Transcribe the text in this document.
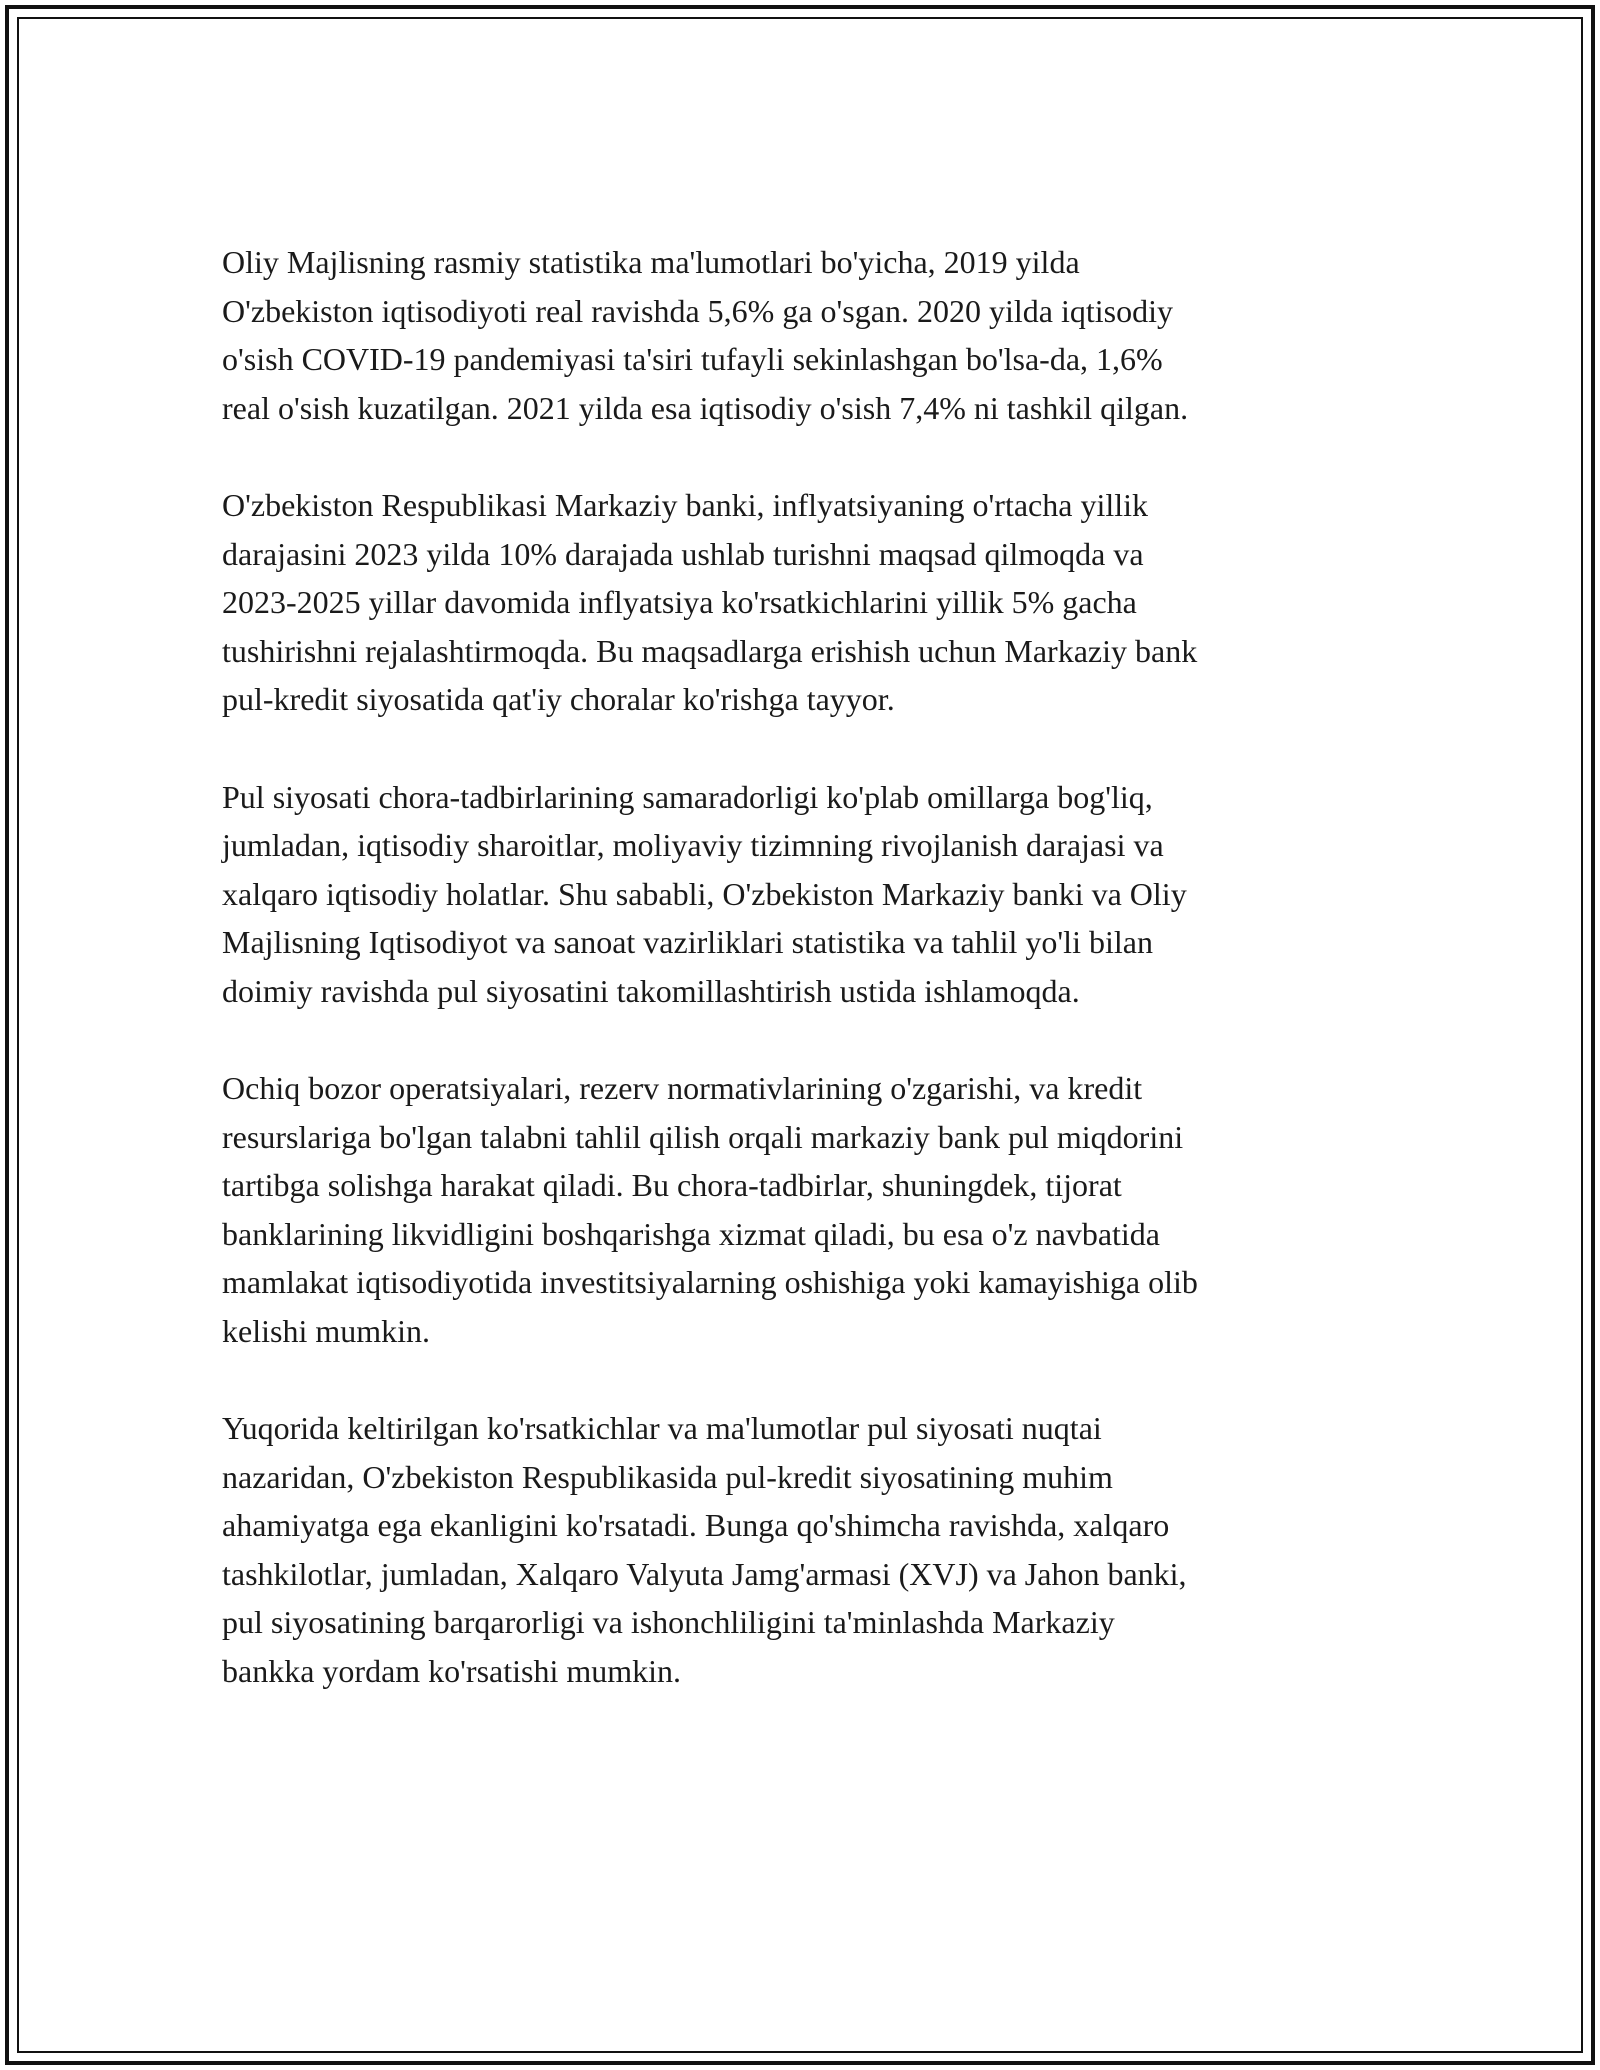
Oliy Majlisning rasmiy statistika ma'lumotlari bo'yicha, 2019 yilda
O'zbekiston iqtisodiyoti real ravishda 5,6% ga o'sgan. 2020 yilda iqtisodiy
o'sish COVID-19 pandemiyasi ta'siri tufayli sekinlashgan bo'lsa-da, 1,6%
real o'sish kuzatilgan. 2021 yilda esa iqtisodiy o'sish 7,4% ni tashkil qilgan.

O'zbekiston Respublikasi Markaziy banki, inflyatsiyaning o'rtacha yillik
darajasini 2023 yilda 10% darajada ushlab turishni maqsad qilmoqda va
2023-2025 yillar davomida inflyatsiya ko'rsatkichlarini yillik 5% gacha
tushirishni rejalashtirmoqda. Bu maqsadlarga erishish uchun Markaziy bank
pul-kredit siyosatida qat'iy choralar ko'rishga tayyor.

Pul siyosati chora-tadbirlarining samaradorligi ko'plab omillarga bog'liq,
jumladan, iqtisodiy sharoitlar, moliyaviy tizimning rivojlanish darajasi va
xalqaro iqtisodiy holatlar. Shu sababli, O'zbekiston Markaziy banki va Oliy
Majlisning Iqtisodiyot va sanoat vazirliklari statistika va tahlil yo'li bilan
doimiy ravishda pul siyosatini takomillashtirish ustida ishlamoqda.

Ochiq bozor operatsiyalari, rezerv normativlarining o'zgarishi, va kredit
resurslariga bo'lgan talabni tahlil qilish orqali markaziy bank pul miqdorini
tartibga solishga harakat qiladi. Bu chora-tadbirlar, shuningdek, tijorat
banklarining likvidligini boshqarishga xizmat qiladi, bu esa o'z navbatida
mamlakat iqtisodiyotida investitsiyalarning oshishiga yoki kamayishiga olib
kelishi mumkin.

Yuqorida keltirilgan ko'rsatkichlar va ma'lumotlar pul siyosati nuqtai
nazaridan, O'zbekiston Respublikasida pul-kredit siyosatining muhim
ahamiyatga ega ekanligini ko'rsatadi. Bunga qo'shimcha ravishda, xalqaro
tashkilotlar, jumladan, Xalqaro Valyuta Jamg'armasi (XVJ) va Jahon banki,
pul siyosatining barqarorligi va ishonchliligini ta'minlashda Markaziy
bankka yordam ko'rsatishi mumkin.
